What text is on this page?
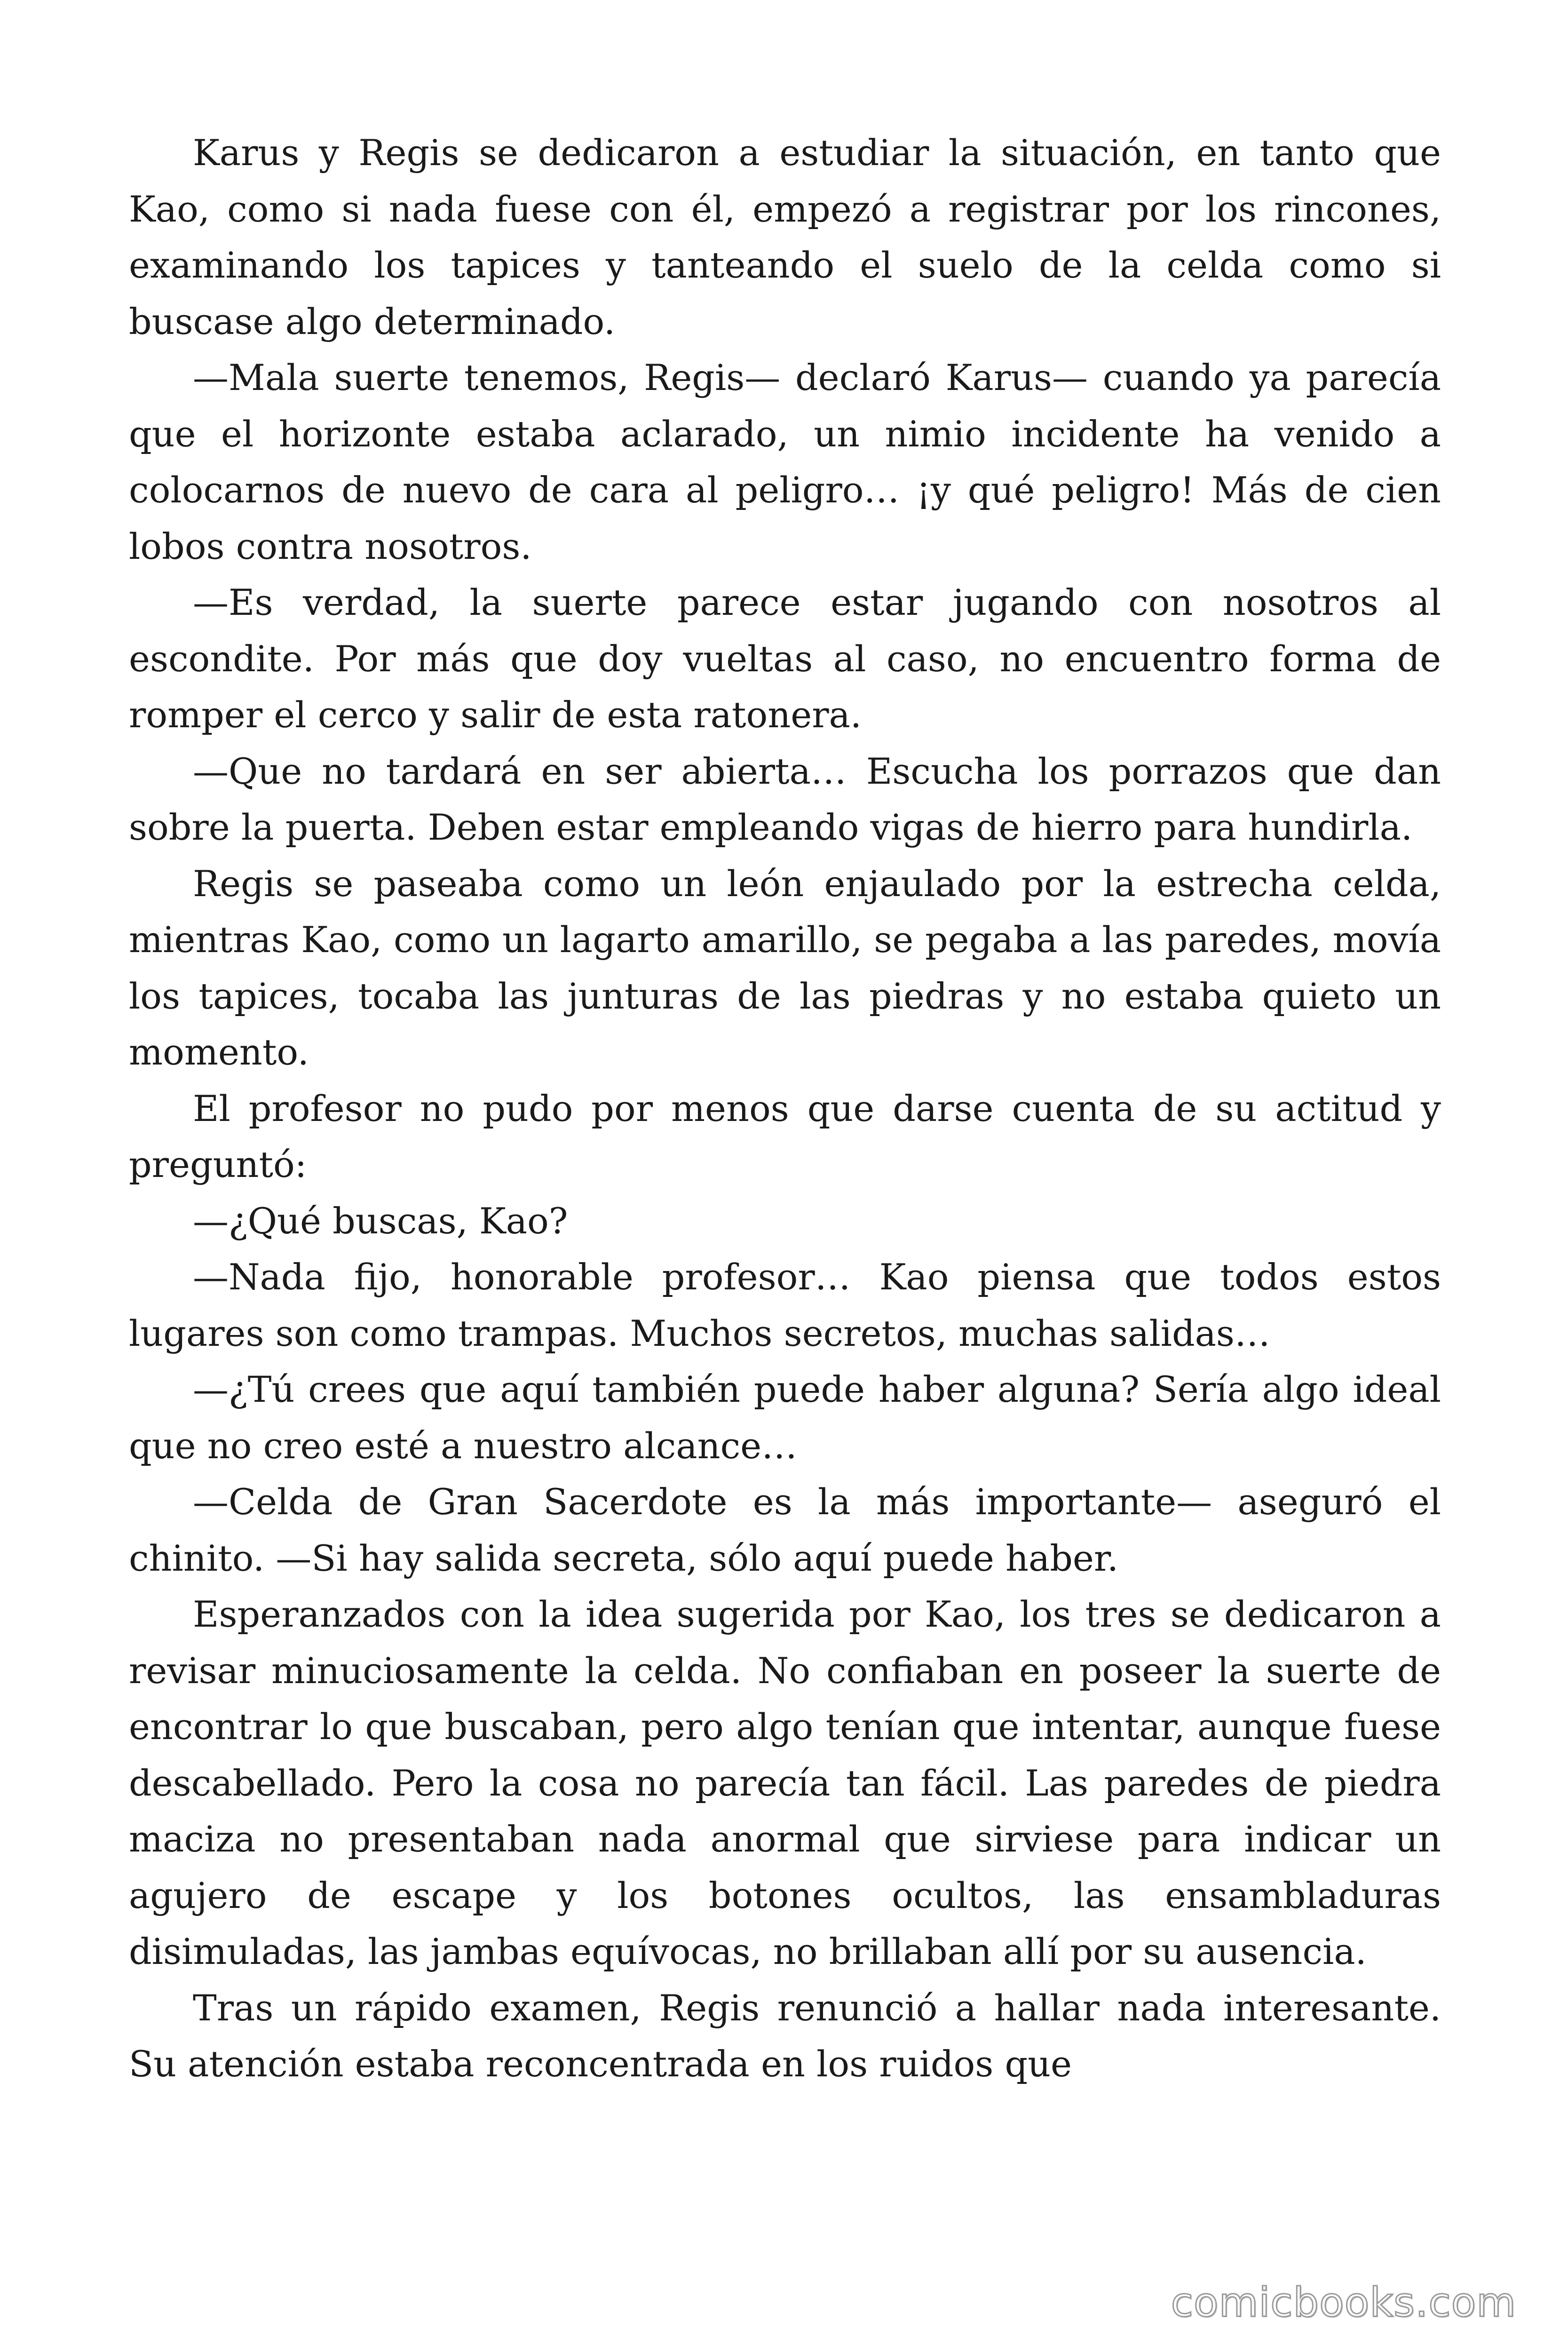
Karus y Regis se dedicaron a estudiar la situación, en tanto que Kao, como si nada fuese con él, empezó a registrar por los rincones, examinando los tapices y tanteando el suelo de la celda como si buscase algo determinado.

—Mala suerte tenemos, Regis— declaró Karus— cuando ya parecía que el horizonte estaba aclarado, un nimio incidente ha venido a colocarnos de nuevo de cara al peligro… ¡y qué peligro! Más de cien lobos contra nosotros.

—Es verdad, la suerte parece estar jugando con nosotros al escondite. Por más que doy vueltas al caso, no encuentro forma de romper el cerco y salir de esta ratonera.

—Que no tardará en ser abierta… Escucha los porrazos que dan sobre la puerta. Deben estar empleando vigas de hierro para hundirla.

Regis se paseaba como un león enjaulado por la estrecha celda, mientras Kao, como un lagarto amarillo, se pegaba a las paredes, movía los tapices, tocaba las junturas de las piedras y no estaba quieto un momento.

El profesor no pudo por menos que darse cuenta de su actitud y preguntó:

—¿Qué buscas, Kao?

—Nada fijo, honorable profesor… Kao piensa que todos estos lugares son como trampas. Muchos secretos, muchas salidas…

—¿Tú crees que aquí también puede haber alguna? Sería algo ideal que no creo esté a nuestro alcance…

—Celda de Gran Sacerdote es la más importante— aseguró el chinito. —Si hay salida secreta, sólo aquí puede haber.

Esperanzados con la idea sugerida por Kao, los tres se dedicaron a revisar minuciosamente la celda. No confiaban en poseer la suerte de encontrar lo que buscaban, pero algo tenían que intentar, aunque fuese descabellado. Pero la cosa no parecía tan fácil. Las paredes de piedra maciza no presentaban nada anormal que sirviese para indicar un agujero de escape y los botones ocultos, las ensambladuras disimuladas, las jambas equívocas, no brillaban allí por su ausencia.

Tras un rápido examen, Regis renunció a hallar nada interesante. Su atención estaba reconcentrada en los ruidos que

comicbooks.com
